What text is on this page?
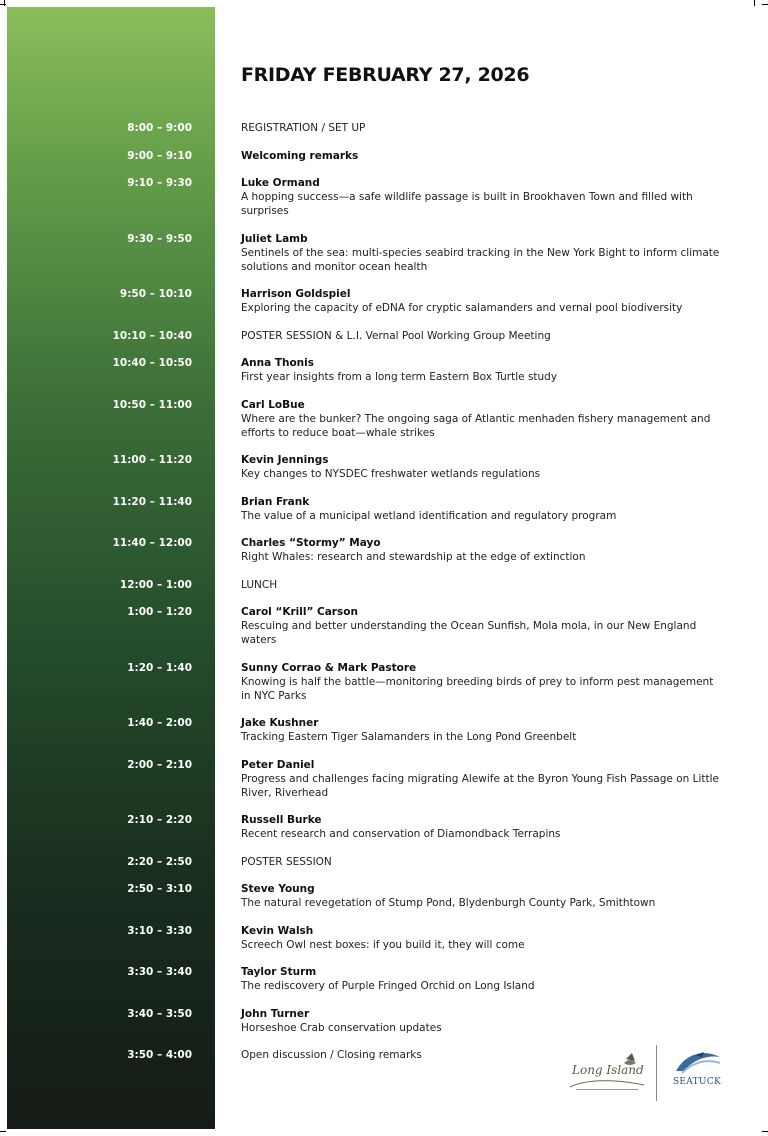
FRIDAY FEBRUARY 27, 2026
8:00 – 9:00	REGISTRATION / SET UP
9:00 – 9:10	Welcoming remarks
9:10 – 9:30	Luke Ormand
A hopping success—a safe wildlife passage is built in Brookhaven Town and filled with surprises
9:30 – 9:50	Juliet Lamb
Sentinels of the sea: multi-species seabird tracking in the New York Bight to inform climate solutions and monitor ocean health
9:50 – 10:10	Harrison Goldspiel
Exploring the capacity of eDNA for cryptic salamanders and vernal pool biodiversity
10:10 – 10:40	POSTER SESSION & L.I. Vernal Pool Working Group Meeting
10:40 – 10:50	Anna Thonis
First year insights from a long term Eastern Box Turtle study
10:50 – 11:00	Carl LoBue
Where are the bunker? The ongoing saga of Atlantic menhaden fishery management and efforts to reduce boat—whale strikes
11:00 – 11:20	Kevin Jennings
Key changes to NYSDEC freshwater wetlands regulations
11:20 – 11:40	Brian Frank
The value of a municipal wetland identification and regulatory program
11:40 – 12:00	Charles “Stormy” Mayo
Right Whales: research and stewardship at the edge of extinction
12:00 – 1:00	LUNCH
1:00 – 1:20	Carol “Krill” Carson
Rescuing and better understanding the Ocean Sunfish, Mola mola, in our New England waters
1:20 – 1:40	Sunny Corrao & Mark Pastore
Knowing is half the battle—monitoring breeding birds of prey to inform pest management in NYC Parks
1:40 – 2:00	Jake Kushner
Tracking Eastern Tiger Salamanders in the Long Pond Greenbelt
2:00 – 2:10	Peter Daniel
Progress and challenges facing migrating Alewife at the Byron Young Fish Passage on Little River, Riverhead
2:10 – 2:20	Russell Burke
Recent research and conservation of Diamondback Terrapins
2:20 – 2:50	POSTER SESSION
2:50 – 3:10	Steve Young
The natural revegetation of Stump Pond, Blydenburgh County Park, Smithtown
3:10 – 3:30	Kevin Walsh
Screech Owl nest boxes: if you build it, they will come
3:30 – 3:40	Taylor Sturm
The rediscovery of Purple Fringed Orchid on Long Island
3:40 – 3:50	John Turner
Horseshoe Crab conservation updates
3:50 – 4:00	Open discussion / Closing remarks
Long Island
SEATUCK
